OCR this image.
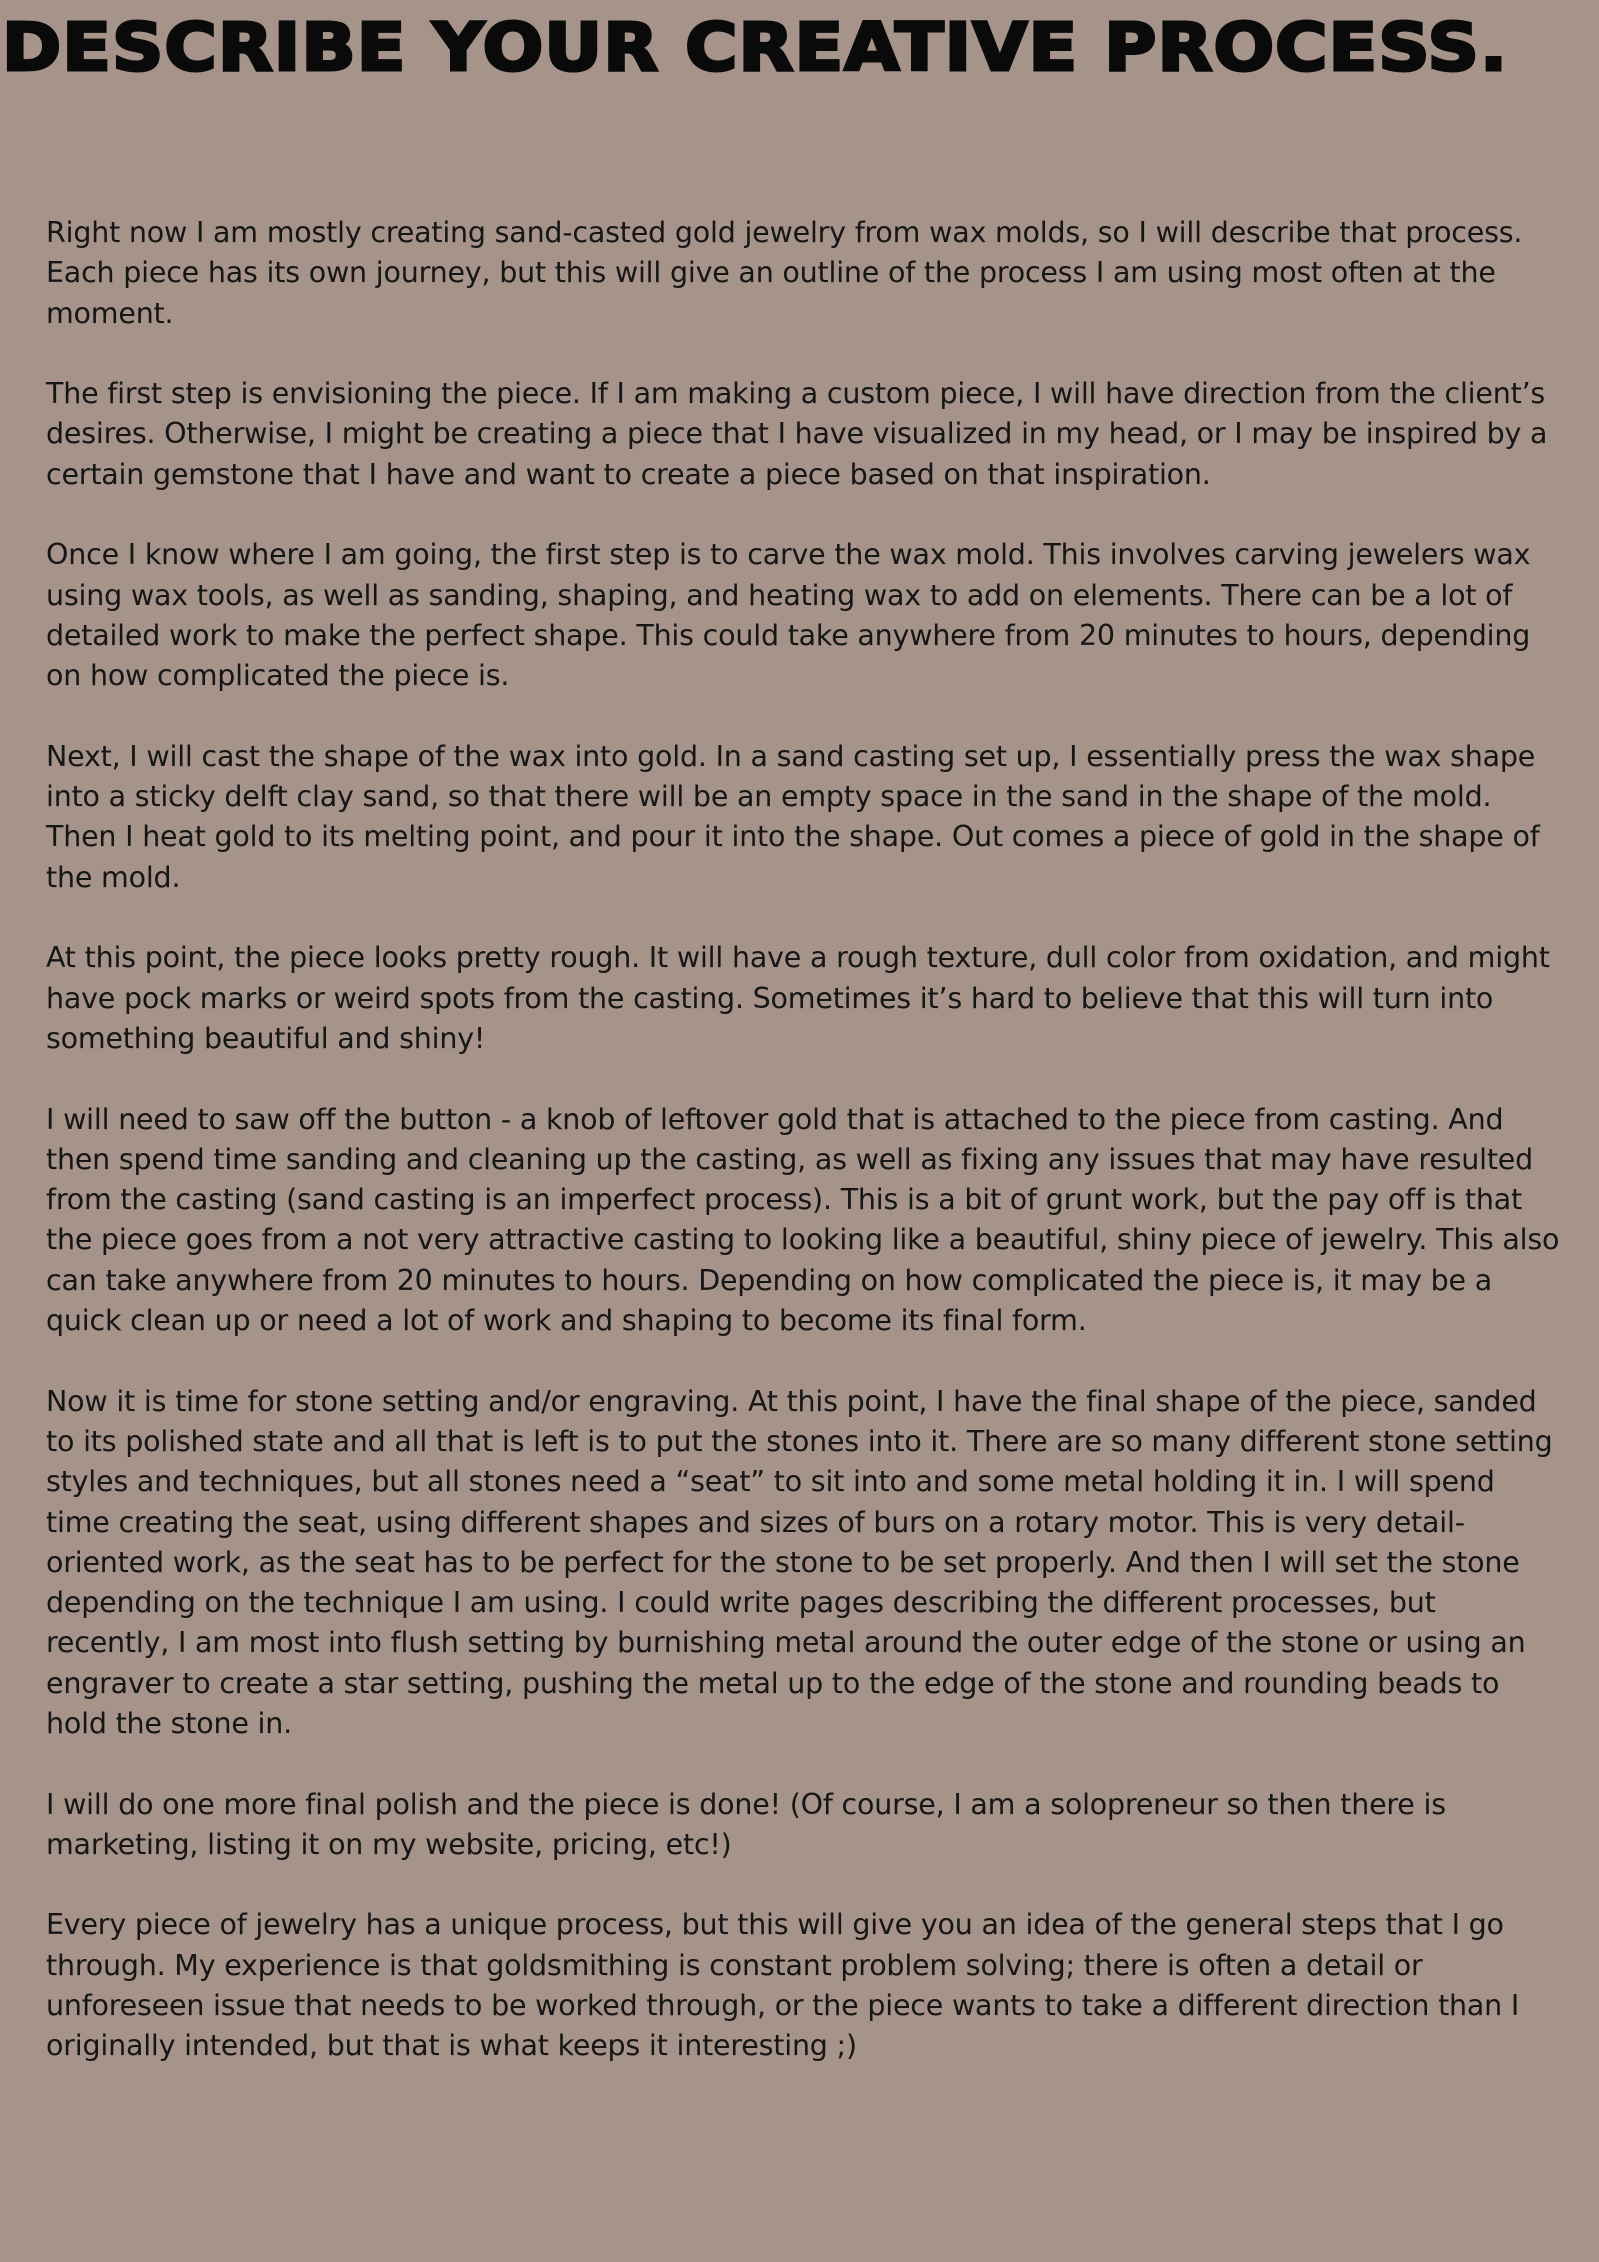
DESCRIBE YOUR CREATIVE PROCESS.

Right now I am mostly creating sand-casted gold jewelry from wax molds, so I will describe that process. Each piece has its own journey, but this will give an outline of the process I am using most often at the moment.

The first step is envisioning the piece. If I am making a custom piece, I will have direction from the client’s desires. Otherwise, I might be creating a piece that I have visualized in my head, or I may be inspired by a certain gemstone that I have and want to create a piece based on that inspiration.

Once I know where I am going, the first step is to carve the wax mold. This involves carving jewelers wax using wax tools, as well as sanding, shaping, and heating wax to add on elements. There can be a lot of detailed work to make the perfect shape. This could take anywhere from 20 minutes to hours, depending on how complicated the piece is.

Next, I will cast the shape of the wax into gold. In a sand casting set up, I essentially press the wax shape into a sticky delft clay sand, so that there will be an empty space in the sand in the shape of the mold. Then I heat gold to its melting point, and pour it into the shape. Out comes a piece of gold in the shape of the mold.

At this point, the piece looks pretty rough. It will have a rough texture, dull color from oxidation, and might have pock marks or weird spots from the casting. Sometimes it’s hard to believe that this will turn into something beautiful and shiny!

I will need to saw off the button - a knob of leftover gold that is attached to the piece from casting. And then spend time sanding and cleaning up the casting, as well as fixing any issues that may have resulted from the casting (sand casting is an imperfect process). This is a bit of grunt work, but the pay off is that the piece goes from a not very attractive casting to looking like a beautiful, shiny piece of jewelry. This also can take anywhere from 20 minutes to hours. Depending on how complicated the piece is, it may be a quick clean up or need a lot of work and shaping to become its final form.

Now it is time for stone setting and/or engraving. At this point, I have the final shape of the piece, sanded to its polished state and all that is left is to put the stones into it. There are so many different stone setting styles and techniques, but all stones need a “seat” to sit into and some metal holding it in. I will spend time creating the seat, using different shapes and sizes of burs on a rotary motor. This is very detail-oriented work, as the seat has to be perfect for the stone to be set properly. And then I will set the stone depending on the technique I am using. I could write pages describing the different processes, but recently, I am most into flush setting by burnishing metal around the outer edge of the stone or using an engraver to create a star setting, pushing the metal up to the edge of the stone and rounding beads to hold the stone in.

I will do one more final polish and the piece is done! (Of course, I am a solopreneur so then there is marketing, listing it on my website, pricing, etc!)

Every piece of jewelry has a unique process, but this will give you an idea of the general steps that I go through. My experience is that goldsmithing is constant problem solving; there is often a detail or unforeseen issue that needs to be worked through, or the piece wants to take a different direction than I originally intended, but that is what keeps it interesting ;)
